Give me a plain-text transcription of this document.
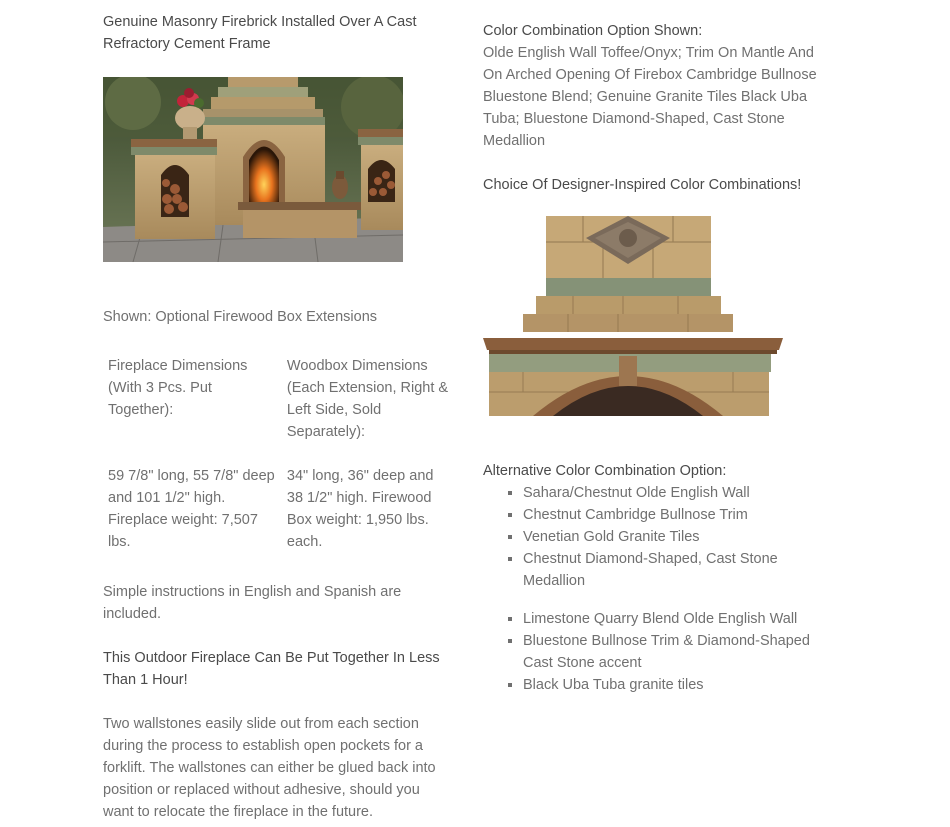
Genuine Masonry Firebrick Installed Over A Cast Refractory Cement Frame

Shown: Optional Firewood Box Extensions

Fireplace Dimensions (With 3 Pcs. Put Together):	Woodbox Dimensions (Each Extension, Right & Left Side, Sold Separately):
59 7/8" long, 55 7/8" deep and 101 1/2" high. Fireplace weight: 7,507 lbs.	34" long, 36" deep and 38 1/2" high. Firewood Box weight: 1,950 lbs. each.

Simple instructions in English and Spanish are included.

This Outdoor Fireplace Can Be Put Together In Less Than 1 Hour!

Two wallstones easily slide out from each section during the process to establish open pockets for a forklift. The wallstones can either be glued back into position or replaced without adhesive, should you want to relocate the fireplace in the future.

Color Combination Option Shown:

Olde English Wall Toffee/Onyx; Trim On Mantle And On Arched Opening Of Firebox Cambridge Bullnose Bluestone Blend; Genuine Granite Tiles Black Uba Tuba; Bluestone Diamond-Shaped, Cast Stone Medallion

Choice Of Designer-Inspired Color Combinations!

Alternative Color Combination Option:

▪ Sahara/Chestnut Olde English Wall
▪ Chestnut Cambridge Bullnose Trim
▪ Venetian Gold Granite Tiles
▪ Chestnut Diamond-Shaped, Cast Stone Medallion
▪ Limestone Quarry Blend Olde English Wall
▪ Bluestone Bullnose Trim & Diamond-Shaped Cast Stone accent
▪ Black Uba Tuba granite tiles
